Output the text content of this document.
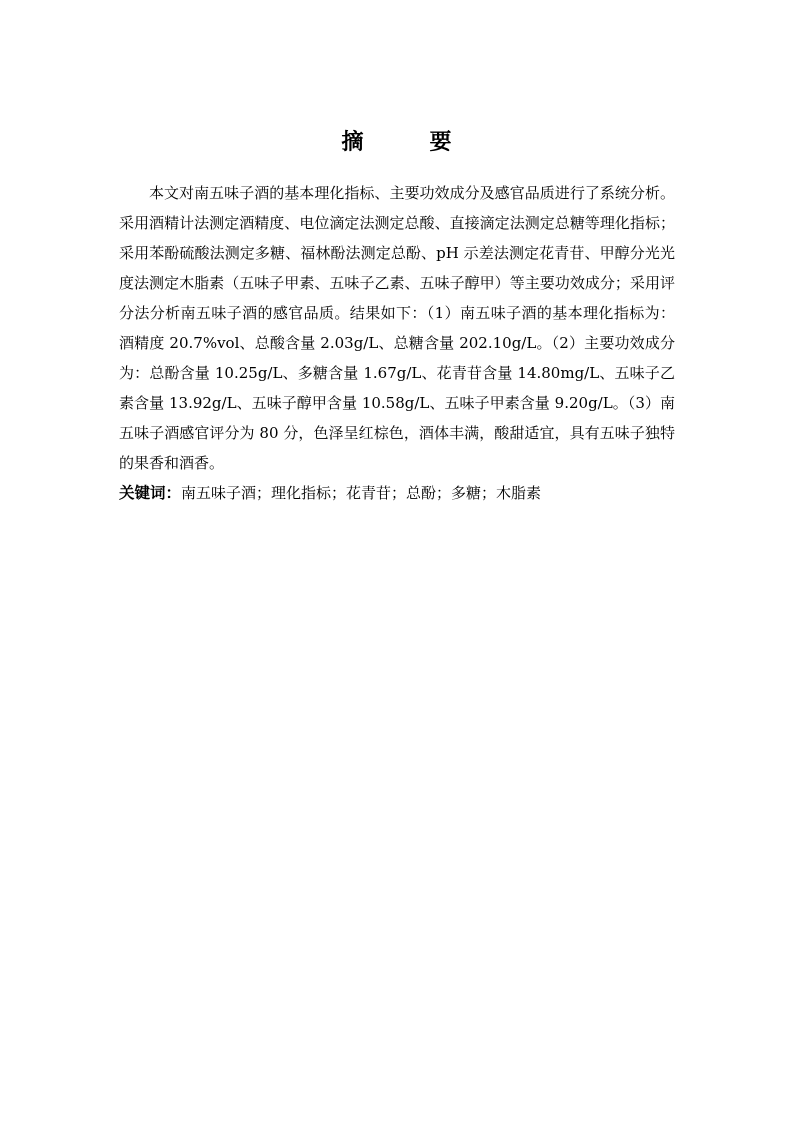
摘　要

本文对南五味子酒的基本理化指标、主要功效成分及感官品质进行了系统分析。采用酒精计法测定酒精度、电位滴定法测定总酸、直接滴定法测定总糖等理化指标；采用苯酚硫酸法测定多糖、福林酚法测定总酚、pH 示差法测定花青苷、甲醇分光光度法测定木脂素（五味子甲素、五味子乙素、五味子醇甲）等主要功效成分；采用评分法分析南五味子酒的感官品质。结果如下：（1）南五味子酒的基本理化指标为：酒精度 20.7%vol、总酸含量 2.03g/L、总糖含量 202.10g/L。（2）主要功效成分为：总酚含量 10.25g/L、多糖含量 1.67g/L、花青苷含量 14.80mg/L、五味子乙素含量 13.92g/L、五味子醇甲含量 10.58g/L、五味子甲素含量 9.20g/L。（3）南五味子酒感官评分为 80 分，色泽呈红棕色，酒体丰满，酸甜适宜，具有五味子独特的果香和酒香。

关键词：南五味子酒；理化指标；花青苷；总酚；多糖；木脂素
